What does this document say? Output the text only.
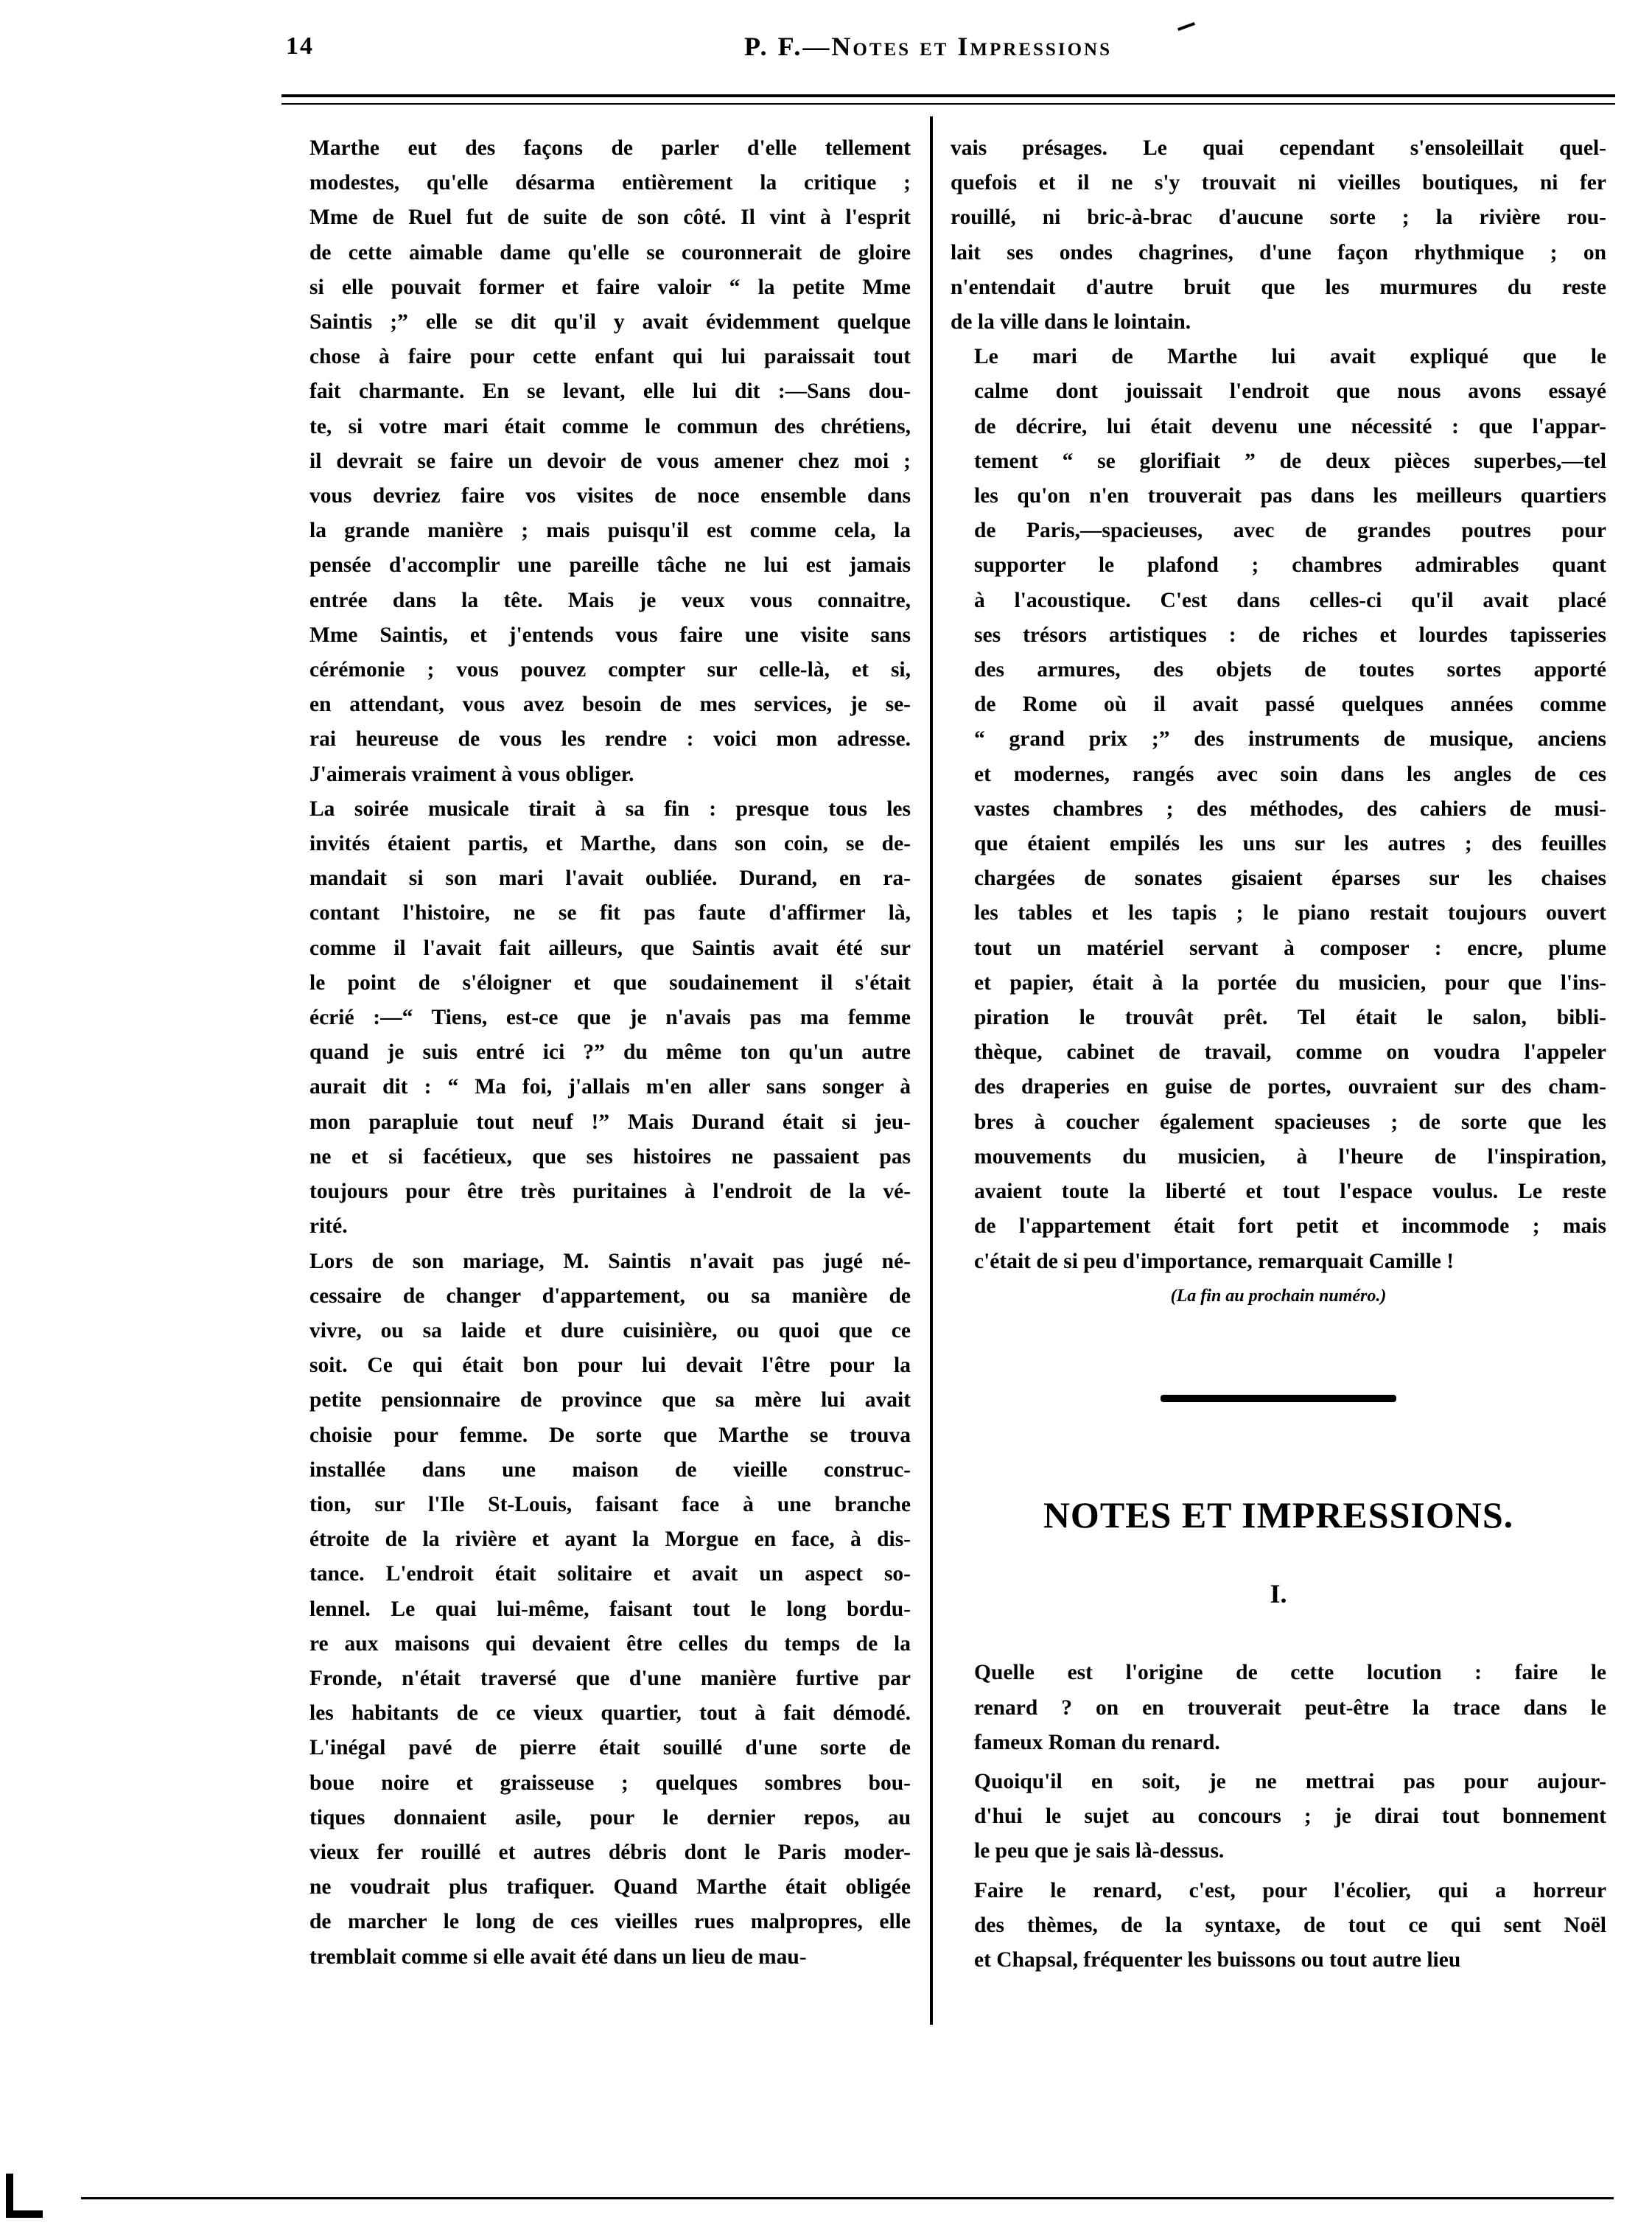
14	P. F.—Notes et Impressions

Marthe eut des façons de parler d'elle tellement
modestes, qu'elle désarma entièrement la critique ;
Mme de Ruel fut de suite de son côté. Il vint à l'esprit
de cette aimable dame qu'elle se couronnerait de gloire
si elle pouvait former et faire valoir “ la petite Mme
Saintis ;” elle se dit qu'il y avait évidemment quelque
chose à faire pour cette enfant qui lui paraissait tout
fait charmante. En se levant, elle lui dit :—Sans dou-
te, si votre mari était comme le commun des chrétiens,
il devrait se faire un devoir de vous amener chez moi ;
vous devriez faire vos visites de noce ensemble dans
la grande manière ; mais puisqu'il est comme cela, la
pensée d'accomplir une pareille tâche ne lui est jamais
entrée dans la tête. Mais je veux vous connaitre,
Mme Saintis, et j'entends vous faire une visite sans
cérémonie ; vous pouvez compter sur celle-là, et si,
en attendant, vous avez besoin de mes services, je se-
rai heureuse de vous les rendre : voici mon adresse.
J'aimerais vraiment à vous obliger.

La soirée musicale tirait à sa fin : presque tous les
invités étaient partis, et Marthe, dans son coin, se de-
mandait si son mari l'avait oubliée. Durand, en ra-
contant l'histoire, ne se fit pas faute d'affirmer là,
comme il l'avait fait ailleurs, que Saintis avait été sur
le point de s'éloigner et que soudainement il s'était
écrié :—“ Tiens, est-ce que je n'avais pas ma femme
quand je suis entré ici ?” du même ton qu'un autre
aurait dit : “ Ma foi, j'allais m'en aller sans songer à
mon parapluie tout neuf !” Mais Durand était si jeu-
ne et si facétieux, que ses histoires ne passaient pas
toujours pour être très puritaines à l'endroit de la vé-
rité.

Lors de son mariage, M. Saintis n'avait pas jugé né-
cessaire de changer d'appartement, ou sa manière de
vivre, ou sa laide et dure cuisinière, ou quoi que ce
soit. Ce qui était bon pour lui devait l'être pour la
petite pensionnaire de province que sa mère lui avait
choisie pour femme. De sorte que Marthe se trouva
installée dans une maison de vieille construc-
tion, sur l'Ile St-Louis, faisant face à une branche
étroite de la rivière et ayant la Morgue en face, à dis-
tance. L'endroit était solitaire et avait un aspect so-
lennel. Le quai lui-même, faisant tout le long bordu-
re aux maisons qui devaient être celles du temps de la
Fronde, n'était traversé que d'une manière furtive par
les habitants de ce vieux quartier, tout à fait démodé.
L'inégal pavé de pierre était souillé d'une sorte de
boue noire et graisseuse ; quelques sombres bou-
tiques donnaient asile, pour le dernier repos, au
vieux fer rouillé et autres débris dont le Paris moder-
ne voudrait plus trafiquer. Quand Marthe était obligée
de marcher le long de ces vieilles rues malpropres, elle
tremblait comme si elle avait été dans un lieu de mau-

vais présages. Le quai cependant s'ensoleillait quel-
quefois et il ne s'y trouvait ni vieilles boutiques, ni fer
rouillé, ni bric-à-brac d'aucune sorte ; la rivière rou-
lait ses ondes chagrines, d'une façon rhythmique ; on
n'entendait d'autre bruit que les murmures du reste
de la ville dans le lointain.

Le mari de Marthe lui avait expliqué que le
calme dont jouissait l'endroit que nous avons essayé
de décrire, lui était devenu une nécessité : que l'appar-
tement “ se glorifiait ” de deux pièces superbes,—tel
les qu'on n'en trouverait pas dans les meilleurs quartiers
de Paris,—spacieuses, avec de grandes poutres pour
supporter le plafond ; chambres admirables quant
à l'acoustique. C'est dans celles-ci qu'il avait placé
ses trésors artistiques : de riches et lourdes tapisseries
des armures, des objets de toutes sortes apporté
de Rome où il avait passé quelques années comme
“ grand prix ;” des instruments de musique, anciens
et modernes, rangés avec soin dans les angles de ces
vastes chambres ; des méthodes, des cahiers de musi-
que étaient empilés les uns sur les autres ; des feuilles
chargées de sonates gisaient éparses sur les chaises
les tables et les tapis ; le piano restait toujours ouvert
tout un matériel servant à composer : encre, plume
et papier, était à la portée du musicien, pour que l'ins-
piration le trouvât prêt. Tel était le salon, bibli-
thèque, cabinet de travail, comme on voudra l'appeler
des draperies en guise de portes, ouvraient sur des cham-
bres à coucher également spacieuses ; de sorte que les
mouvements du musicien, à l'heure de l'inspiration,
avaient toute la liberté et tout l'espace voulus. Le reste
de l'appartement était fort petit et incommode ; mais
c'était de si peu d'importance, remarquait Camille !

(La fin au prochain numéro.)

NOTES ET IMPRESSIONS.
I.

Quelle est l'origine de cette locution : faire le
renard ? on en trouverait peut-être la trace dans le
fameux Roman du renard.

Quoiqu'il en soit, je ne mettrai pas pour aujour-
d'hui le sujet au concours ; je dirai tout bonnement
le peu que je sais là-dessus.

Faire le renard, c'est, pour l'écolier, qui a horreur
des thèmes, de la syntaxe, de tout ce qui sent Noël
et Chapsal, fréquenter les buissons ou tout autre lieu
